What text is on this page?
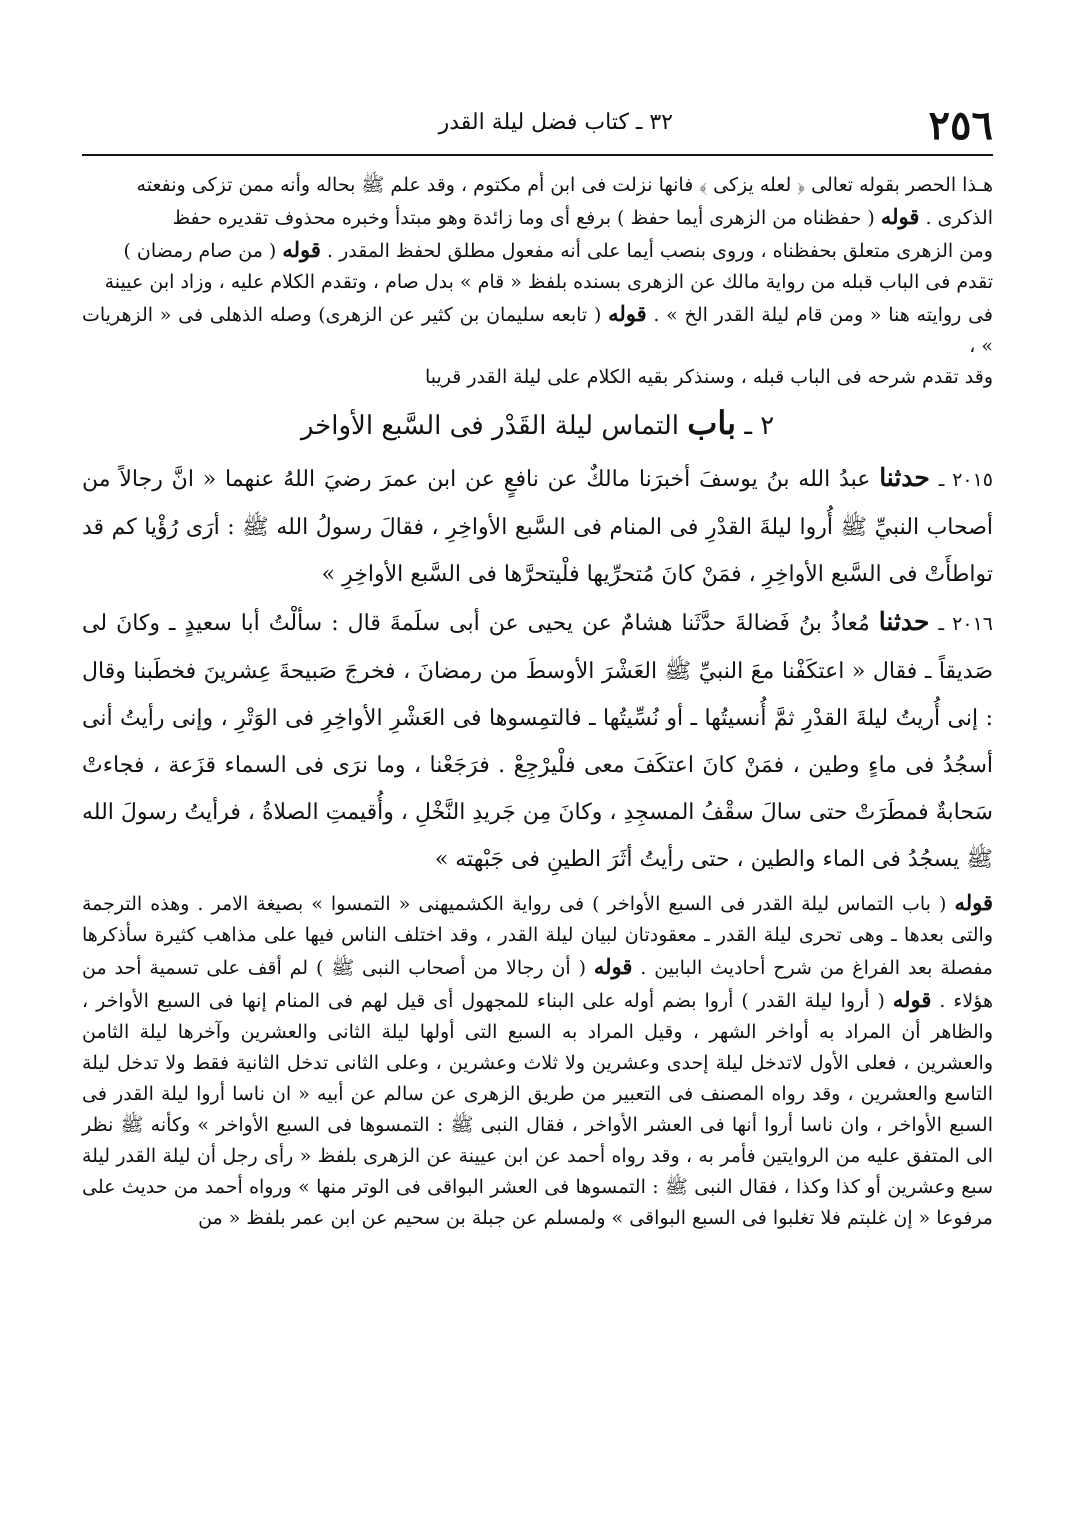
٢٥٦
٣٢ ـ كتاب فضل ليلة القدر

هـذا الحصر بقوله تعالى ﴿ لعله يزكى ﴾ فانها نزلت فى ابن أم مكتوم ، وقد علم ﷺ بحاله وأنه ممن تزكى ونفعته

الذكرى . قوله ( حفظناه من الزهرى أيما حفظ ) برفع أى وما زائدة وهو مبتدأ وخبره محذوف تقديره حفظ

ومن الزهرى متعلق بحفظناه ، وروى بنصب أيما على أنه مفعول مطلق لحفظ المقدر . قوله ( من صام رمضان )

تقدم فى الباب قبله من رواية مالك عن الزهرى بسنده بلفظ « قام » بدل صام ، وتقدم الكلام عليه ، وزاد ابن عيينة

فى روايته هنا « ومن قام ليلة القدر الخ » . قوله ( تابعه سليمان بن كثير عن الزهرى) وصله الذهلى فى « الزهريات » ،

وقد تقدم شرحه فى الباب قبله ، وسنذكر بقيه الكلام على ليلة القدر قريبا

٢ ـ باب التماس ليلة القَدْر فى السَّبع الأواخر

٢٠١٥ ـ حدثنا عبدُ الله بنُ يوسفَ أخبرَنا مالكٌ عن نافعٍ عن ابن عمرَ رضيَ اللهُ عنهما « انَّ رجالاً من أصحاب النبيِّ ﷺ أُروا ليلةَ القدْرِ فى المنام فى السَّبع الأواخِرِ ، فقالَ رسولُ الله ﷺ : أرَى رُؤْيا كم قد تواطأَتْ فى السَّبع الأواخِرِ ، فمَنْ كانَ مُتحرِّيها فلْيتحرَّها فى السَّبع الأواخِرِ »

٢٠١٦ ـ حدثنا مُعاذُ بنُ فَضالةَ حدَّثَنا هشامٌ عن يحيى عن أبى سلَمةَ قال : سألْتُ أبا سعيدٍ ـ وكانَ لى صَديقاً ـ فقال « اعتكَفْنا معَ النبيِّ ﷺ العَشْرَ الأوسطَ من رمضانَ ، فخرجَ صَبيحةَ عِشرينَ فخطَبنا وقال : إنى أُريتُ ليلةَ القدْرِ ثمَّ أُنسيتُها ـ أو نُسِّيتُها ـ فالتمِسوها فى العَشْرِ الأواخِرِ فى الوَتْرِ ، وإنى رأيتُ أنى أسجُدُ فى ماءٍ وطين ، فمَنْ كانَ اعتكَفَ معى فلْيرْجِعْ . فرَجَعْنا ، وما نرَى فى السماء قزَعة ، فجاءتْ سَحابةٌ فمطَرَتْ حتى سالَ سقْفُ المسجِدِ ، وكانَ مِن جَريدِ النَّخْلِ ، وأُقيمتِ الصلاةُ ، فرأيتُ رسولَ الله ﷺ يسجُدُ فى الماء والطين ، حتى رأيتُ أثَرَ الطينِ فى جَبْهته »

قوله ( باب التماس ليلة القدر فى السبع الأواخر ) فى رواية الكشميهنى « التمسوا » بصيغة الامر . وهذه الترجمة والتى بعدها ـ وهى تحرى ليلة القدر ـ معقودتان لبيان ليلة القدر ، وقد اختلف الناس فيها على مذاهب كثيرة سأذكرها مفصلة بعد الفراغ من شرح أحاديث البابين . قوله ( أن رجالا من أصحاب النبى ﷺ ) لم أقف على تسمية أحد من هؤلاء . قوله ( أروا ليلة القدر ) أروا بضم أوله على البناء للمجهول أى قيل لهم فى المنام إنها فى السبع الأواخر ، والظاهر أن المراد به أواخر الشهر ، وقيل المراد به السبع التى أولها ليلة الثانى والعشرين وآخرها ليلة الثامن والعشرين ، فعلى الأول لاتدخل ليلة إحدى وعشرين ولا ثلاث وعشرين ، وعلى الثانى تدخل الثانية فقط ولا تدخل ليلة التاسع والعشرين ، وقد رواه المصنف فى التعبير من طريق الزهرى عن سالم عن أبيه « ان ناسا أروا ليلة القدر فى السبع الأواخر ، وان ناسا أروا أنها فى العشر الأواخر ، فقال النبى ﷺ : التمسوها فى السبع الأواخر » وكأنه ﷺ نظر الى المتفق عليه من الروايتين فأمر به ، وقد رواه أحمد عن ابن عيينة عن الزهرى بلفظ « رأى رجل أن ليلة القدر ليلة سبع وعشرين أو كذا وكذا ، فقال النبى ﷺ : التمسوها فى العشر البواقى فى الوتر منها » ورواه أحمد من حديث على مرفوعا « إن غلبتم فلا تغلبوا فى السبع البواقى » ولمسلم عن جبلة بن سحيم عن ابن عمر بلفظ « من
